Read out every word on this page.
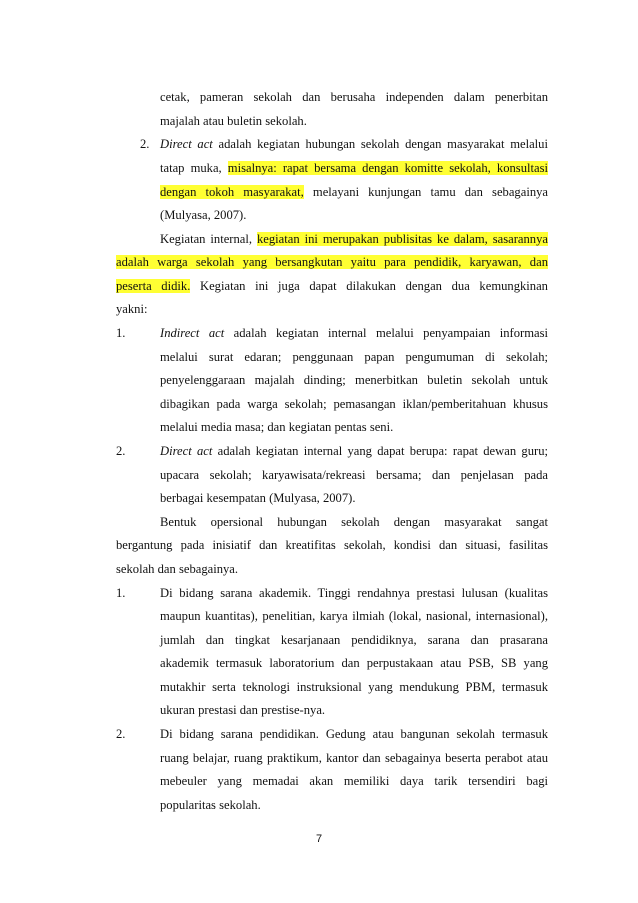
cetak, pameran sekolah dan berusaha independen dalam penerbitan
majalah atau buletin sekolah.
2. Direct act adalah kegiatan hubungan sekolah dengan masyarakat melalui
tatap muka, misalnya: rapat bersama dengan komitte sekolah, konsultasi
dengan tokoh masyarakat, melayani kunjungan tamu dan sebagainya
(Mulyasa, 2007).
Kegiatan internal, kegiatan ini merupakan publisitas ke dalam, sasarannya
adalah warga sekolah yang bersangkutan yaitu para pendidik, karyawan, dan
peserta didik. Kegiatan ini juga dapat dilakukan dengan dua kemungkinan
yakni:
1.	Indirect act adalah kegiatan internal melalui penyampaian informasi
melalui surat edaran; penggunaan papan pengumuman di sekolah;
penyelenggaraan majalah dinding; menerbitkan buletin sekolah untuk
dibagikan pada warga sekolah; pemasangan iklan/pemberitahuan khusus
melalui media masa; dan kegiatan pentas seni.
2.	Direct act adalah kegiatan internal yang dapat berupa: rapat dewan guru;
upacara sekolah; karyawisata/rekreasi bersama; dan penjelasan pada
berbagai kesempatan (Mulyasa, 2007).
Bentuk opersional hubungan sekolah dengan masyarakat sangat
bergantung pada inisiatif dan kreatifitas sekolah, kondisi dan situasi, fasilitas
sekolah dan sebagainya.
1.	Di bidang sarana akademik. Tinggi rendahnya prestasi lulusan (kualitas
maupun kuantitas), penelitian, karya ilmiah (lokal, nasional, internasional),
jumlah dan tingkat kesarjanaan pendidiknya, sarana dan prasarana
akademik termasuk laboratorium dan perpustakaan atau PSB, SB yang
mutakhir serta teknologi instruksional yang mendukung PBM, termasuk
ukuran prestasi dan prestise-nya.
2.	Di bidang sarana pendidikan. Gedung atau bangunan sekolah termasuk
ruang belajar, ruang praktikum, kantor dan sebagainya beserta perabot atau
mebeuler yang memadai akan memiliki daya tarik tersendiri bagi
popularitas sekolah.
7
